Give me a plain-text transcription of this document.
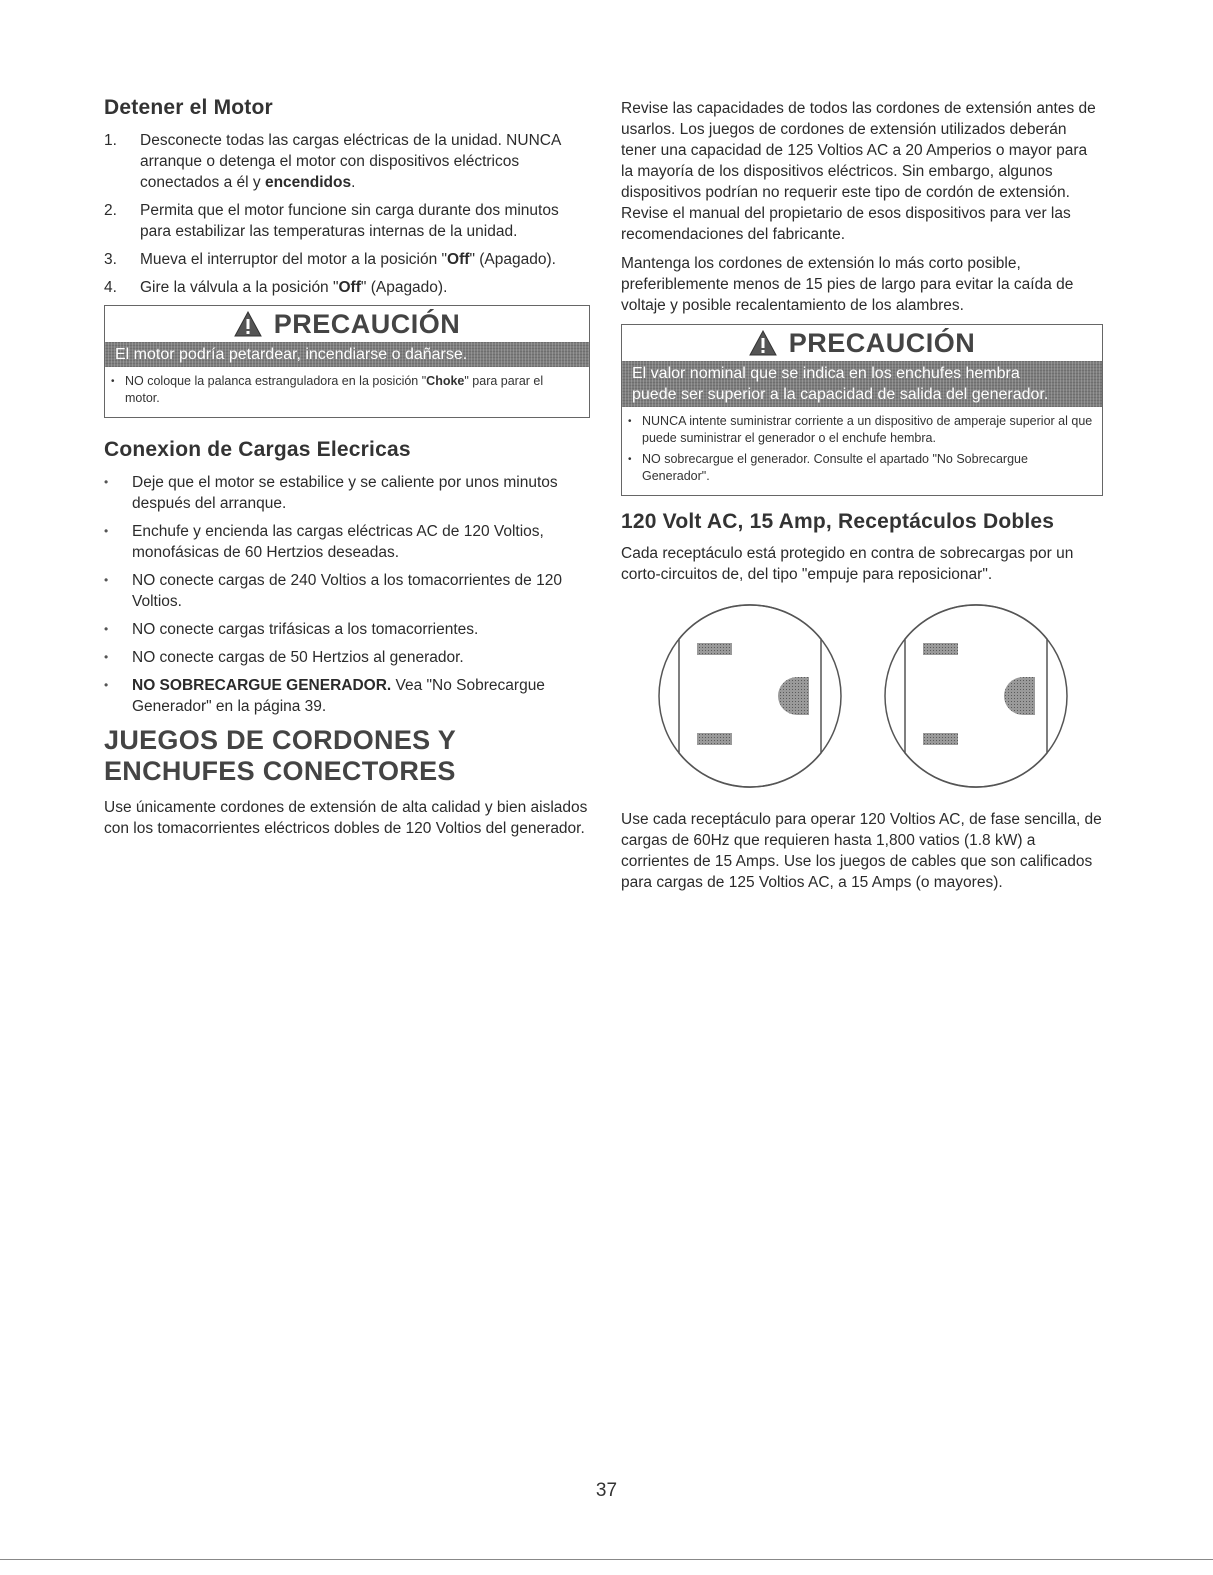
Detener el Motor
1. Desconecte todas las cargas eléctricas de la unidad. NUNCA arranque o detenga el motor con dispositivos eléctricos conectados a él y encendidos.
2. Permita que el motor funcione sin carga durante dos minutos para estabilizar las temperaturas internas de la unidad.
3. Mueva el interruptor del motor a la posición "Off" (Apagado).
4. Gire la válvula a la posición "Off" (Apagado).
PRECAUCIÓN
El motor podría petardear, incendiarse o dañarse.
• NO coloque la palanca estranguladora en la posición "Choke" para parar el motor.
Conexion de Cargas Elecricas
• Deje que el motor se estabilice y se caliente por unos minutos después del arranque.
• Enchufe y encienda las cargas eléctricas AC de 120 Voltios, monofásicas de 60 Hertzios deseadas.
• NO conecte cargas de 240 Voltios a los tomacorrientes de 120 Voltios.
• NO conecte cargas trifásicas a los tomacorrientes.
• NO conecte cargas de 50 Hertzios al generador.
• NO SOBRECARGUE GENERADOR. Vea "No Sobrecargue Generador" en la página 39.
JUEGOS DE CORDONES Y
ENCHUFES CONECTORES

Use únicamente cordones de extensión de alta calidad y bien aislados con los tomacorrientes eléctricos dobles de 120 Voltios del generador.

Revise las capacidades de todos las cordones de extensión antes de usarlos. Los juegos de cordones de extensión utilizados deberán tener una capacidad de 125 Voltios AC a 20 Amperios o mayor para la mayoría de los dispositivos eléctricos. Sin embargo, algunos dispositivos podrían no requerir este tipo de cordón de extensión. Revise el manual del propietario de esos dispositivos para ver las recomendaciones del fabricante.

Mantenga los cordones de extensión lo más corto posible, preferiblemente menos de 15 pies de largo para evitar la caída de voltaje y posible recalentamiento de los alambres.

PRECAUCIÓN
El valor nominal que se indica en los enchufes hembra
puede ser superior a la capacidad de salida del generador.
• NUNCA intente suministrar corriente a un dispositivo de amperaje superior al que puede suministrar el generador o el enchufe hembra.
• NO sobrecargue el generador. Consulte el apartado "No Sobrecargue Generador".
120 Volt AC, 15 Amp, Receptáculos Dobles

Cada receptáculo está protegido en contra de sobrecargas por un corto-circuitos de, del tipo "empuje para reposicionar".

Use cada receptáculo para operar 120 Voltios AC, de fase sencilla, de cargas de 60Hz que requieren hasta 1,800 vatios (1.8 kW) a corrientes de 15 Amps. Use los juegos de cables que son calificados para cargas de 125 Voltios AC, a 15 Amps (o mayores).

37
